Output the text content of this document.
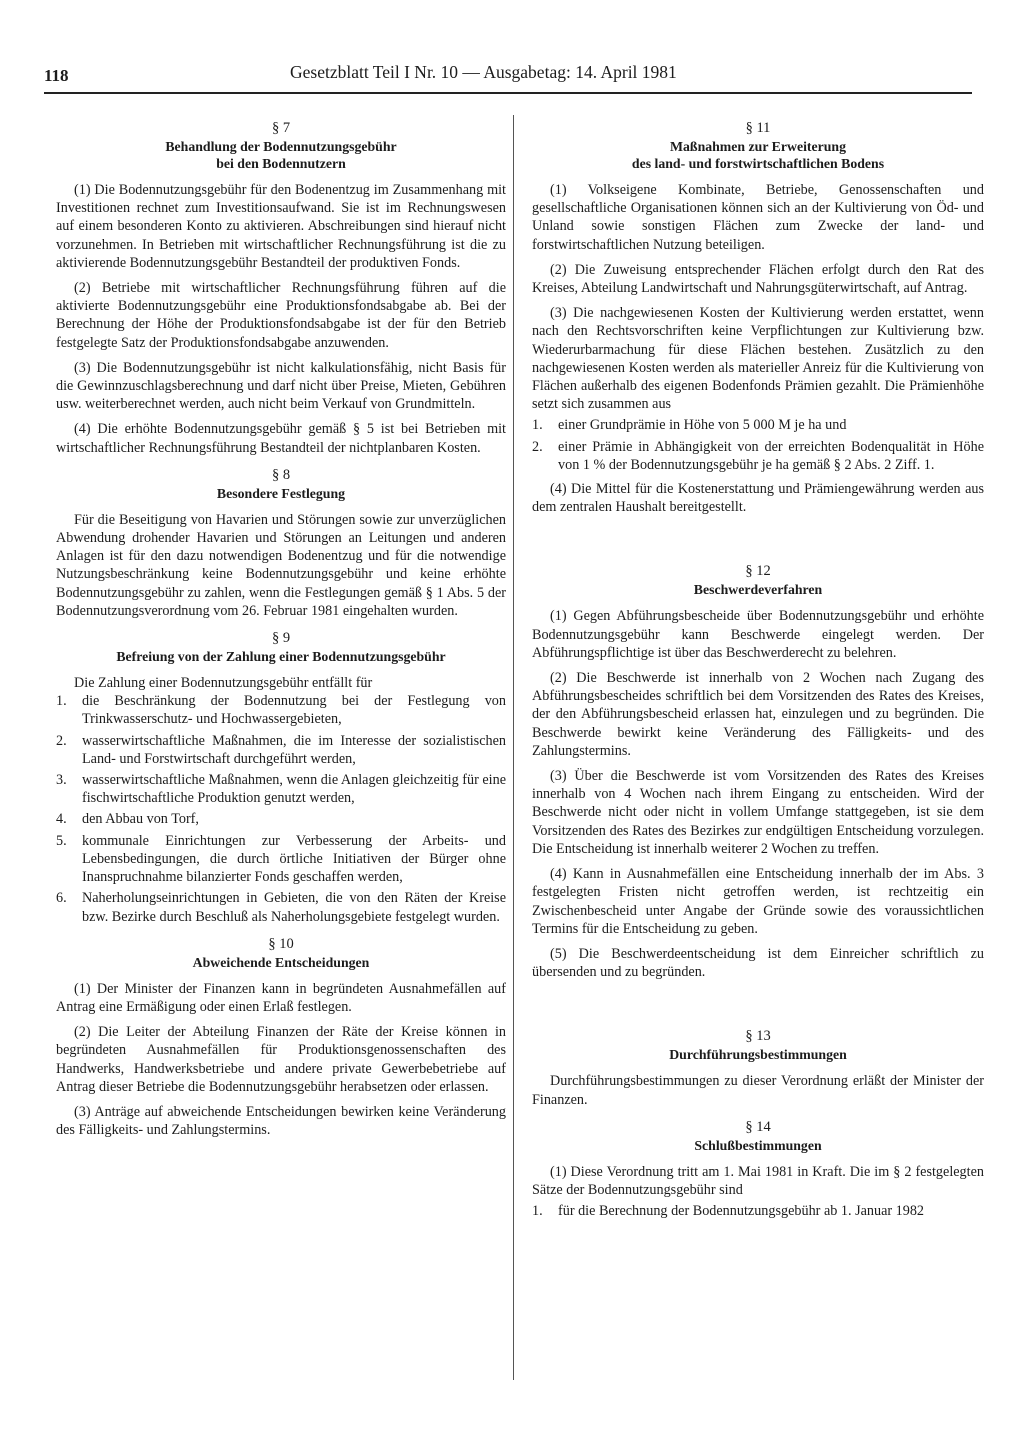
118	Gesetzblatt Teil I Nr. 10 — Ausgabetag: 14. April 1981
§ 7
Behandlung der Bodennutzungsgebühr
bei den Bodennutzern

(1) Die Bodennutzungsgebühr für den Bodenentzug im Zusammenhang mit Investitionen rechnet zum Investitionsaufwand. Sie ist im Rechnungswesen auf einem besonderen Konto zu aktivieren. Abschreibungen sind hierauf nicht vorzunehmen. In Betrieben mit wirtschaftlicher Rechnungsführung ist die zu aktivierende Bodennutzungsgebühr Bestandteil der produktiven Fonds.

(2) Betriebe mit wirtschaftlicher Rechnungsführung führen auf die aktivierte Bodennutzungsgebühr eine Produktionsfondsabgabe ab. Bei der Berechnung der Höhe der Produktionsfondsabgabe ist der für den Betrieb festgelegte Satz der Produktionsfondsabgabe anzuwenden.

(3) Die Bodennutzungsgebühr ist nicht kalkulationsfähig, nicht Basis für die Gewinnzuschlagsberechnung und darf nicht über Preise, Mieten, Gebühren usw. weiterberechnet werden, auch nicht beim Verkauf von Grundmitteln.

(4) Die erhöhte Bodennutzungsgebühr gemäß § 5 ist bei Betrieben mit wirtschaftlicher Rechnungsführung Bestandteil der nichtplanbaren Kosten.

§ 8
Besondere Festlegung

Für die Beseitigung von Havarien und Störungen sowie zur unverzüglichen Abwendung drohender Havarien und Störungen an Leitungen und anderen Anlagen ist für den dazu notwendigen Bodenentzug und für die notwendige Nutzungsbeschränkung keine Bodennutzungsgebühr und keine erhöhte Bodennutzungsgebühr zu zahlen, wenn die Festlegungen gemäß § 1 Abs. 5 der Bodennutzungsverordnung vom 26. Februar 1981 eingehalten wurden.

§ 9
Befreiung von der Zahlung einer Bodennutzungsgebühr

Die Zahlung einer Bodennutzungsgebühr entfällt für

1.	die Beschränkung der Bodennutzung bei der Festlegung von Trinkwasserschutz- und Hochwassergebieten,
2.	wasserwirtschaftliche Maßnahmen, die im Interesse der sozialistischen Land- und Forstwirtschaft durchgeführt werden,
3.	wasserwirtschaftliche Maßnahmen, wenn die Anlagen gleichzeitig für eine fischwirtschaftliche Produktion genutzt werden,
4.	den Abbau von Torf,
5.	kommunale Einrichtungen zur Verbesserung der Arbeits- und Lebensbedingungen, die durch örtliche Initiativen der Bürger ohne Inanspruchnahme bilanzierter Fonds geschaffen werden,
6.	Naherholungseinrichtungen in Gebieten, die von den Räten der Kreise bzw. Bezirke durch Beschluß als Naherholungsgebiete festgelegt wurden.
§ 10
Abweichende Entscheidungen

(1) Der Minister der Finanzen kann in begründeten Ausnahmefällen auf Antrag eine Ermäßigung oder einen Erlaß festlegen.

(2) Die Leiter der Abteilung Finanzen der Räte der Kreise können in begründeten Ausnahmefällen für Produktionsgenossenschaften des Handwerks, Handwerksbetriebe und andere private Gewerbebetriebe auf Antrag dieser Betriebe die Bodennutzungsgebühr herabsetzen oder erlassen.

(3) Anträge auf abweichende Entscheidungen bewirken keine Veränderung des Fälligkeits- und Zahlungstermins.

§ 11
Maßnahmen zur Erweiterung
des land- und forstwirtschaftlichen Bodens

(1) Volkseigene Kombinate, Betriebe, Genossenschaften und gesellschaftliche Organisationen können sich an der Kultivierung von Öd- und Unland sowie sonstigen Flächen zum Zwecke der land- und forstwirtschaftlichen Nutzung beteiligen.

(2) Die Zuweisung entsprechender Flächen erfolgt durch den Rat des Kreises, Abteilung Landwirtschaft und Nahrungsgüterwirtschaft, auf Antrag.

(3) Die nachgewiesenen Kosten der Kultivierung werden erstattet, wenn nach den Rechtsvorschriften keine Verpflichtungen zur Kultivierung bzw. Wiederurbarmachung für diese Flächen bestehen. Zusätzlich zu den nachgewiesenen Kosten werden als materieller Anreiz für die Kultivierung von Flächen außerhalb des eigenen Bodenfonds Prämien gezahlt. Die Prämienhöhe setzt sich zusammen aus

1.	einer Grundprämie in Höhe von 5 000 M je ha und
2.	einer Prämie in Abhängigkeit von der erreichten Bodenqualität in Höhe von 1 % der Bodennutzungsgebühr je ha gemäß § 2 Abs. 2 Ziff. 1.

(4) Die Mittel für die Kostenerstattung und Prämiengewährung werden aus dem zentralen Haushalt bereitgestellt.

§ 12
Beschwerdeverfahren

(1) Gegen Abführungsbescheide über Bodennutzungsgebühr und erhöhte Bodennutzungsgebühr kann Beschwerde eingelegt werden. Der Abführungspflichtige ist über das Beschwerderecht zu belehren.

(2) Die Beschwerde ist innerhalb von 2 Wochen nach Zugang des Abführungsbescheides schriftlich bei dem Vorsitzenden des Rates des Kreises, der den Abführungsbescheid erlassen hat, einzulegen und zu begründen. Die Beschwerde bewirkt keine Veränderung des Fälligkeits- und des Zahlungstermins.

(3) Über die Beschwerde ist vom Vorsitzenden des Rates des Kreises innerhalb von 4 Wochen nach ihrem Eingang zu entscheiden. Wird der Beschwerde nicht oder nicht in vollem Umfange stattgegeben, ist sie dem Vorsitzenden des Rates des Bezirkes zur endgültigen Entscheidung vorzulegen. Die Entscheidung ist innerhalb weiterer 2 Wochen zu treffen.

(4) Kann in Ausnahmefällen eine Entscheidung innerhalb der im Abs. 3 festgelegten Fristen nicht getroffen werden, ist rechtzeitig ein Zwischenbescheid unter Angabe der Gründe sowie des voraussichtlichen Termins für die Entscheidung zu geben.

(5) Die Beschwerdeentscheidung ist dem Einreicher schriftlich zu übersenden und zu begründen.

§ 13
Durchführungsbestimmungen

Durchführungsbestimmungen zu dieser Verordnung erläßt der Minister der Finanzen.

§ 14
Schlußbestimmungen

(1) Diese Verordnung tritt am 1. Mai 1981 in Kraft. Die im § 2 festgelegten Sätze der Bodennutzungsgebühr sind

1.	für die Berechnung der Bodennutzungsgebühr ab 1. Januar 1982
